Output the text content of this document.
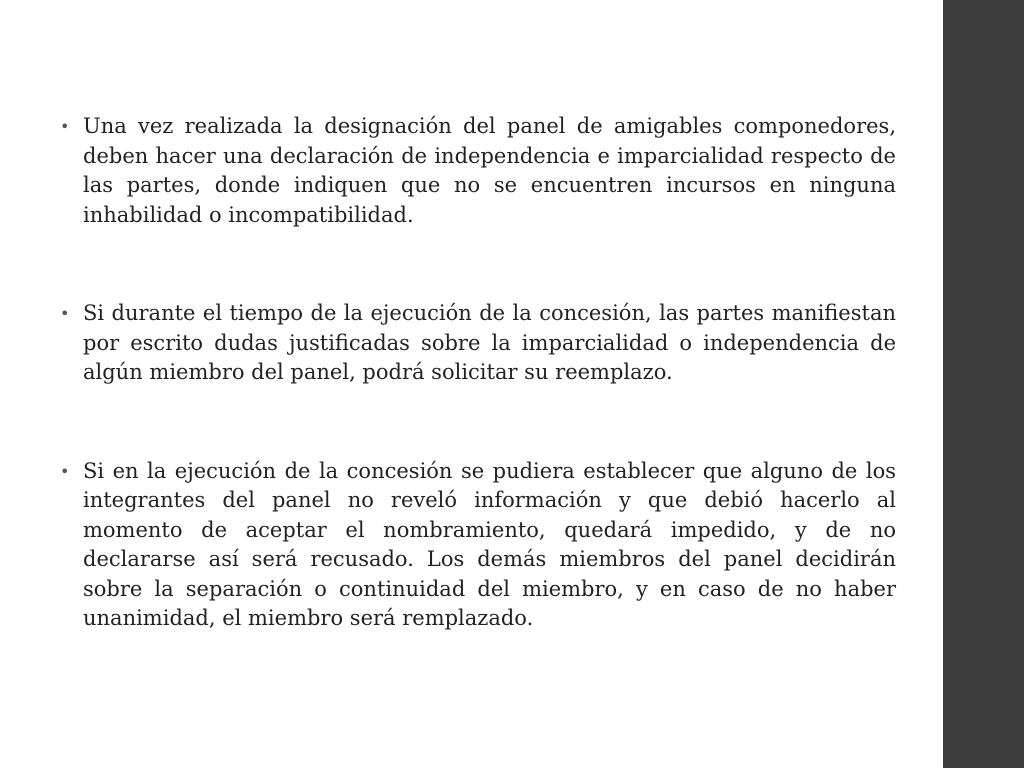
• Una vez realizada la designación del panel de amigables componedores, deben hacer una declaración de independencia e imparcialidad respecto de las partes, donde indiquen que no se encuentren incursos en ninguna inhabilidad o incompatibilidad.
• Si durante el tiempo de la ejecución de la concesión, las partes manifiestan por escrito dudas justificadas sobre la imparcialidad o independencia de algún miembro del panel, podrá solicitar su reemplazo.
• Si en la ejecución de la concesión se pudiera establecer que alguno de los integrantes del panel no reveló información y que debió hacerlo al momento de aceptar el nombramiento, quedará impedido, y de no declararse así será recusado. Los demás miembros del panel decidirán sobre la separación o continuidad del miembro, y en caso de no haber unanimidad, el miembro será remplazado.
